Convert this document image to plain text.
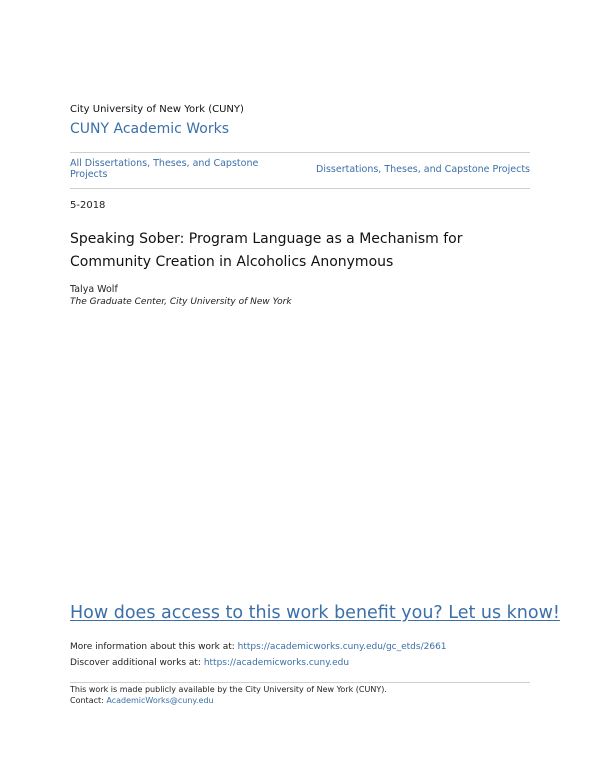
City University of New York (CUNY)
CUNY Academic Works
All Dissertations, Theses, and Capstone Projects	Dissertations, Theses, and Capstone Projects
5-2018
Speaking Sober: Program Language as a Mechanism for Community Creation in Alcoholics Anonymous
Talya Wolf
The Graduate Center, City University of New York
How does access to this work benefit you? Let us know!
More information about this work at: https://academicworks.cuny.edu/gc_etds/2661
Discover additional works at: https://academicworks.cuny.edu
This work is made publicly available by the City University of New York (CUNY).
Contact: AcademicWorks@cuny.edu
